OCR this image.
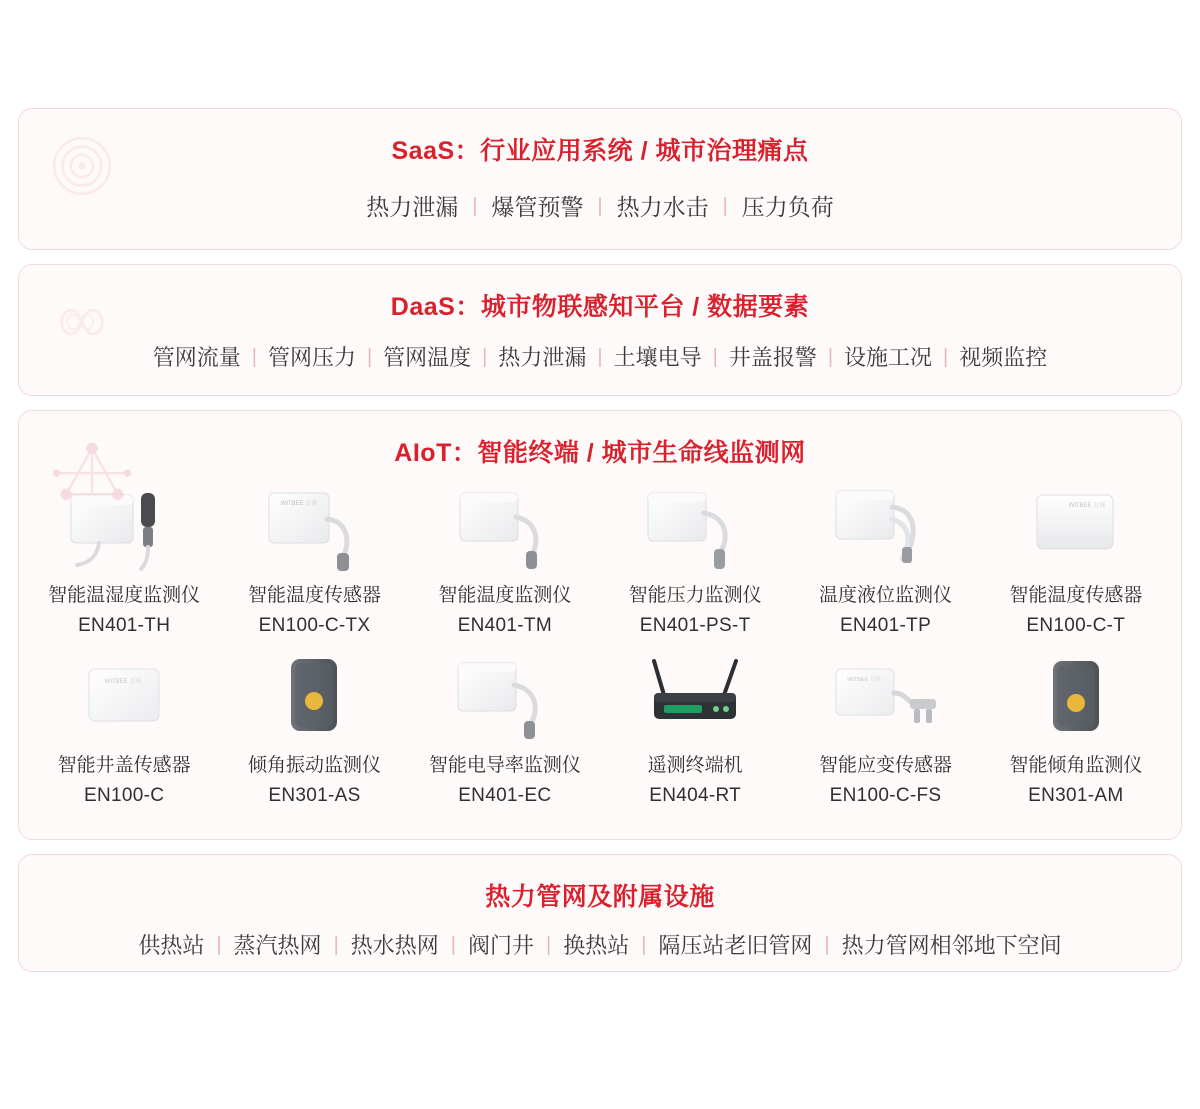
SaaS：行业应用系统 / 城市治理痛点
热力泄漏 | 爆管预警 | 热力水击 | 压力负荷
DaaS：城市物联感知平台 / 数据要素
管网流量 | 管网压力 | 管网温度 | 热力泄漏 | 土壤电导 | 井盖报警 | 设施工况 | 视频监控
AIoT：智能终端 / 城市生命线监测网
智能温湿度监测仪
EN401-TH
WITBEE 万宾
智能温度传感器
EN100-C-TX
智能温度监测仪
EN401-TM
智能压力监测仪
EN401-PS-T
温度液位监测仪
EN401-TP
WITBEE 万宾
智能温度传感器
EN100-C-T
WITBEE 万宾
智能井盖传感器
EN100-C
倾角振动监测仪
EN301-AS
智能电导率监测仪
EN401-EC
遥测终端机
EN404-RT
WITBEE 万宾
智能应变传感器
EN100-C-FS
智能倾角监测仪
EN301-AM
热力管网及附属设施
供热站 | 蒸汽热网 | 热水热网 | 阀门井 | 换热站 | 隔压站老旧管网 | 热力管网相邻地下空间
